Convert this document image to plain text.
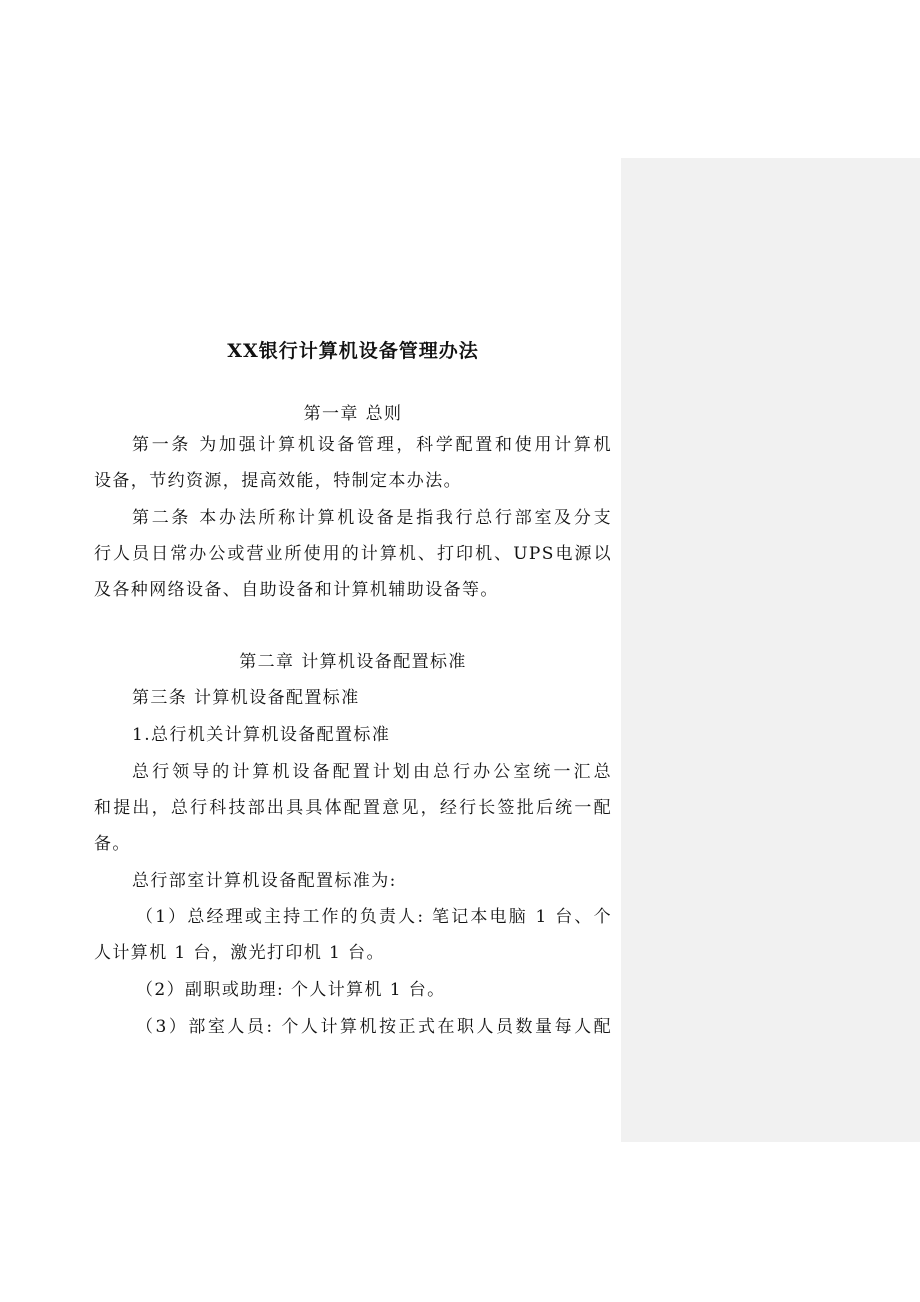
XX银行计算机设备管理办法
第一章 总则
第一条 为加强计算机设备管理，科学配置和使用计算机
设备，节约资源，提高效能，特制定本办法。
第二条 本办法所称计算机设备是指我行总行部室及分支
行人员日常办公或营业所使用的计算机、打印机、UPS电源以
及各种网络设备、自助设备和计算机辅助设备等。
第二章 计算机设备配置标准
第三条 计算机设备配置标准
1.总行机关计算机设备配置标准
总行领导的计算机设备配置计划由总行办公室统一汇总
和提出，总行科技部出具具体配置意见，经行长签批后统一配
备。
总行部室计算机设备配置标准为:
（1）总经理或主持工作的负责人: 笔记本电脑 1 台、个
人计算机 1 台，激光打印机 1 台。
（2）副职或助理: 个人计算机 1 台。
（3）部室人员: 个人计算机按正式在职人员数量每人配
